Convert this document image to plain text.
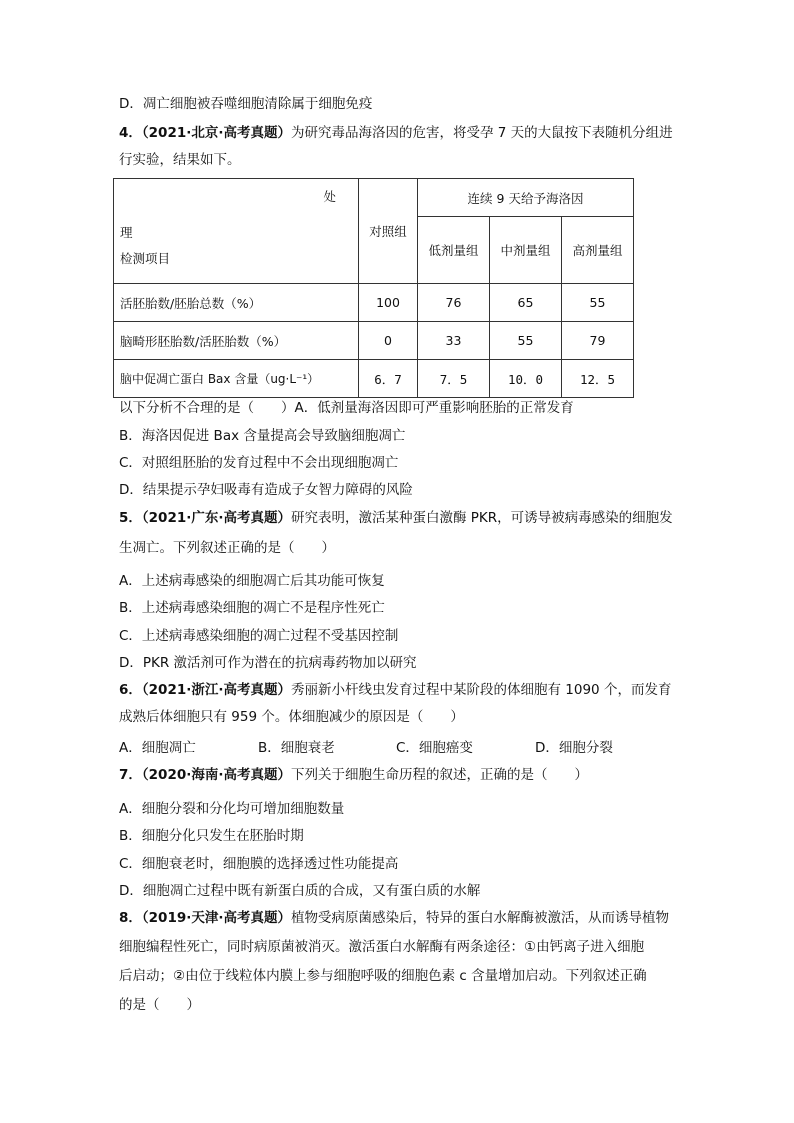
D．凋亡细胞被吞噬细胞清除属于细胞免疫
4．（2021·北京·高考真题）为研究毒品海洛因的危害，将受孕 7 天的大鼠按下表随机分组进
行实验，结果如下。
处
理
检测项目	对照组	连续 9 天给予海洛因		
		低剂量组	中剂量组	高剂量组
活胚胎数/胚胎总数（%）	100	76	65	55
脑畸形胚胎数/活胚胎数（%）	0	33	55	79
脑中促凋亡蛋白 Bax 含量（ug·L⁻¹）	6．7	7．5	10．0	12．5
以下分析不合理的是（　　）A．低剂量海洛因即可严重影响胚胎的正常发育
B．海洛因促进 Bax 含量提高会导致脑细胞凋亡
C．对照组胚胎的发育过程中不会出现细胞凋亡
D．结果提示孕妇吸毒有造成子女智力障碍的风险
5．（2021·广东·高考真题）研究表明，激活某种蛋白激酶 PKR，可诱导被病毒感染的细胞发
生凋亡。下列叙述正确的是（　　）
A．上述病毒感染的细胞凋亡后其功能可恢复
B．上述病毒感染细胞的凋亡不是程序性死亡
C．上述病毒感染细胞的凋亡过程不受基因控制
D．PKR 激活剂可作为潜在的抗病毒药物加以研究
6．（2021·浙江·高考真题）秀丽新小杆线虫发育过程中某阶段的体细胞有 1090 个，而发育
成熟后体细胞只有 959 个。体细胞减少的原因是（　　）
A．细胞凋亡	B．细胞衰老	C．细胞癌变	D．细胞分裂
7．（2020·海南·高考真题）下列关于细胞生命历程的叙述，正确的是（　　）
A．细胞分裂和分化均可增加细胞数量
B．细胞分化只发生在胚胎时期
C．细胞衰老时，细胞膜的选择透过性功能提高
D．细胞凋亡过程中既有新蛋白质的合成，又有蛋白质的水解
8．（2019·天津·高考真题）植物受病原菌感染后，特异的蛋白水解酶被激活，从而诱导植物
细胞编程性死亡，同时病原菌被消灭。激活蛋白水解酶有两条途径：①由钙离子进入细胞
后启动；②由位于线粒体内膜上参与细胞呼吸的细胞色素 c 含量增加启动。下列叙述正确
的是（　　）
